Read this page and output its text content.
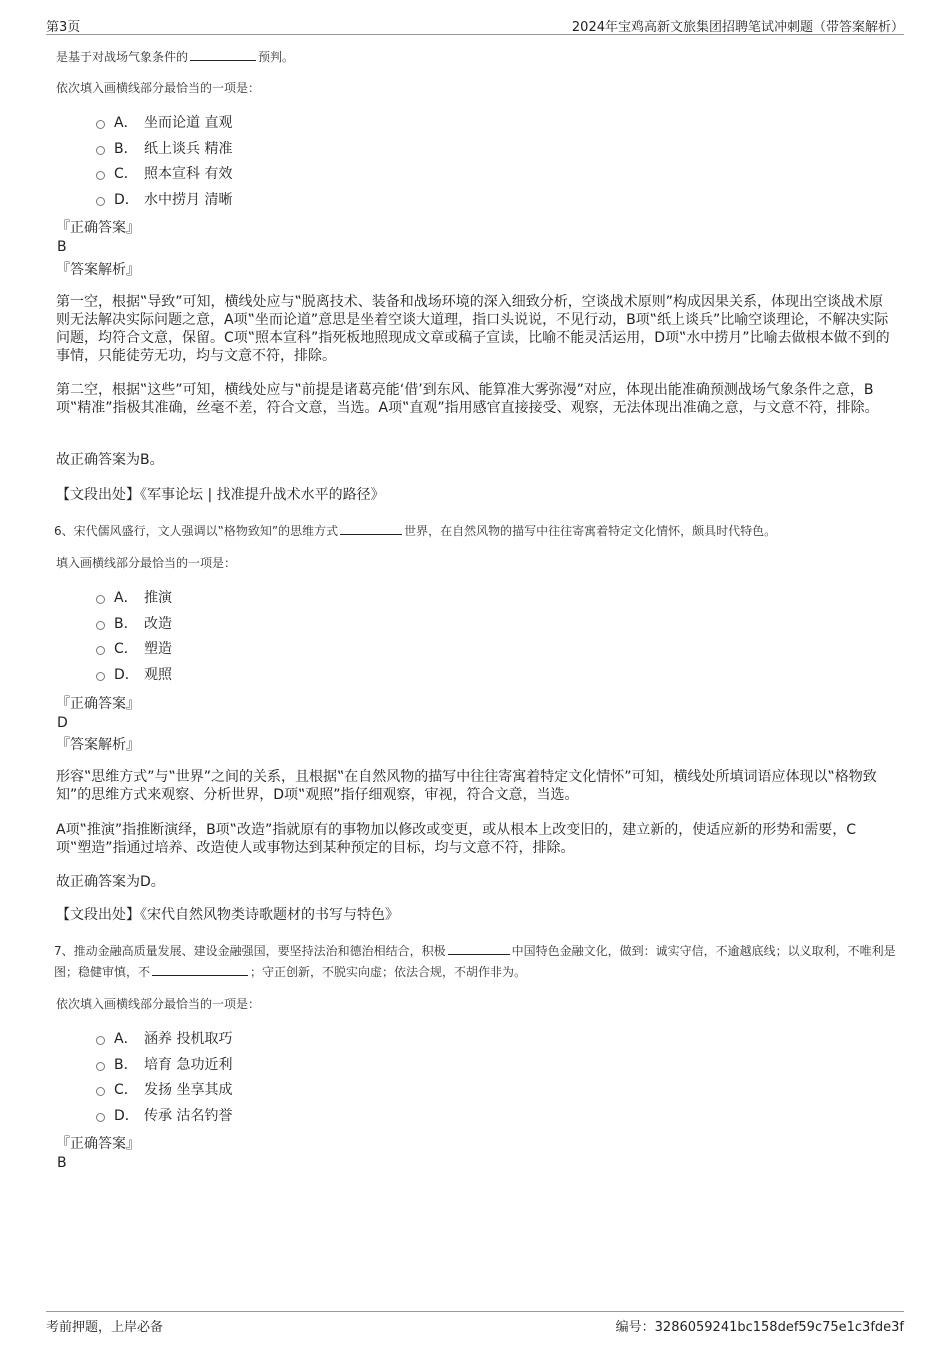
第3页	2024年宝鸡高新文旅集团招聘笔试冲刺题（带答案解析）
是基于对战场气象条件的	预判。
依次填入画横线部分最恰当的一项是：
A． 坐而论道 直观
B． 纸上谈兵 精准
C． 照本宣科 有效
D． 水中捞月 清晰
『正确答案』
B
『答案解析』

第一空，根据‟导致”可知，横线处应与‟脱离技术、装备和战场环境的深入细致分析，空谈战术原则”构成因果关系，体现出空谈战术原则无法解决实际问题之意，A项‟坐而论道”意思是坐着空谈大道理，指口头说说，不见行动，B项‟纸上谈兵”比喻空谈理论，不解决实际问题，均符合文意，保留。C项‟照本宣科”指死板地照现成文章或稿子宣读，比喻不能灵活运用，D项‟水中捞月”比喻去做根本做不到的事情，只能徒劳无功，均与文意不符，排除。

第二空，根据‟这些”可知，横线处应与‟前提是诸葛亮能‘借’到东风、能算准大雾弥漫”对应，体现出能准确预测战场气象条件之意，B项‟精准”指极其准确，丝毫不差，符合文意，当选。A项‟直观”指用感官直接接受、观察，无法体现出准确之意，与文意不符，排除。

故正确答案为B。

【文段出处】《军事论坛 | 找准提升战术水平的路径》
6、宋代儒风盛行，文人强调以‟格物致知”的思维方式	世界，在自然风物的描写中往往寄寓着特定文化情怀，颇具时代特色。
填入画横线部分最恰当的一项是：
A． 推演
B． 改造
C． 塑造
D． 观照
『正确答案』
D
『答案解析』

形容‟思维方式”与‟世界”之间的关系，且根据‟在自然风物的描写中往往寄寓着特定文化情怀”可知，横线处所填词语应体现以‟格物致知”的思维方式来观察、分析世界，D项‟观照”指仔细观察，审视，符合文意，当选。

A项‟推演”指推断演绎，B项‟改造”指就原有的事物加以修改或变更，或从根本上改变旧的，建立新的，使适应新的形势和需要，C项‟塑造”指通过培养、改造使人或事物达到某种预定的目标，均与文意不符，排除。

故正确答案为D。

【文段出处】《宋代自然风物类诗歌题材的书写与特色》
7、推动金融高质量发展、建设金融强国，要坚持法治和德治相结合，积极	中国特色金融文化，做到：诚实守信，不逾越底线；以义取利，不唯利是图；稳健审慎，不	；守正创新，不脱实向虚；依法合规，不胡作非为。
依次填入画横线部分最恰当的一项是：
A． 涵养 投机取巧
B． 培育 急功近利
C． 发扬 坐享其成
D． 传承 沽名钓誉
『正确答案』
B
考前押题，上岸必备	编号：3286059241bc158def59c75e1c3fde3f
